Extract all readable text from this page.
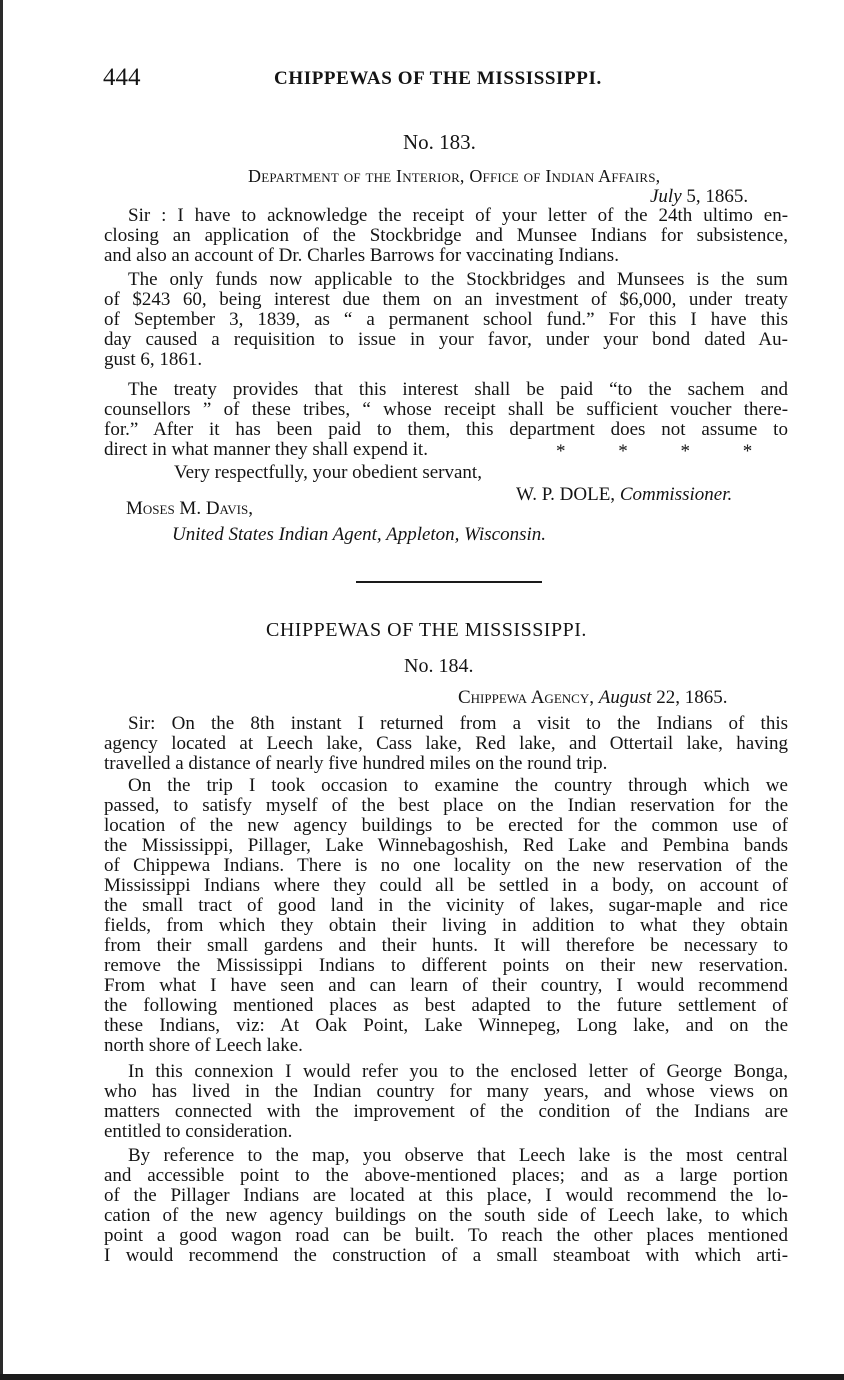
444	CHIPPEWAS OF THE MISSISSIPPI.
No. 183.
Department of the Interior, Office of Indian Affairs,
July 5, 1865.
Sir : I have to acknowledge the receipt of your letter of the 24th ultimo en-
closing an application of the Stockbridge and Munsee Indians for subsistence,
and also an account of Dr. Charles Barrows for vaccinating Indians.
The only funds now applicable to the Stockbridges and Munsees is the sum
of $243 60, being interest due them on an investment of $6,000, under treaty
of September 3, 1839, as “ a permanent school fund.” For this I have this
day caused a requisition to issue in your favor, under your bond dated Au-
gust 6, 1861.
The treaty provides that this interest shall be paid “to the sachem and
counsellors ” of these tribes, “ whose receipt shall be sufficient voucher there-
for.” After it has been paid to them, this department does not assume to
direct in what manner they shall expend it.	* * * *
Very respectfully, your obedient servant,
W. P. DOLE, Commissioner.
Moses M. Davis,
United States Indian Agent, Appleton, Wisconsin.
CHIPPEWAS OF THE MISSISSIPPI.
No. 184.
Chippewa Agency, August 22, 1865.
Sir: On the 8th instant I returned from a visit to the Indians of this
agency located at Leech lake, Cass lake, Red lake, and Ottertail lake, having
travelled a distance of nearly five hundred miles on the round trip.
On the trip I took occasion to examine the country through which we
passed, to satisfy myself of the best place on the Indian reservation for the
location of the new agency buildings to be erected for the common use of
the Mississippi, Pillager, Lake Winnebagoshish, Red Lake and Pembina bands
of Chippewa Indians. There is no one locality on the new reservation of the
Mississippi Indians where they could all be settled in a body, on account of
the small tract of good land in the vicinity of lakes, sugar-maple and rice
fields, from which they obtain their living in addition to what they obtain
from their small gardens and their hunts. It will therefore be necessary to
remove the Mississippi Indians to different points on their new reservation.
From what I have seen and can learn of their country, I would recommend
the following mentioned places as best adapted to the future settlement of
these Indians, viz: At Oak Point, Lake Winnepeg, Long lake, and on the
north shore of Leech lake.
In this connexion I would refer you to the enclosed letter of George Bonga,
who has lived in the Indian country for many years, and whose views on
matters connected with the improvement of the condition of the Indians are
entitled to consideration.
By reference to the map, you observe that Leech lake is the most central
and accessible point to the above-mentioned places; and as a large portion
of the Pillager Indians are located at this place, I would recommend the lo-
cation of the new agency buildings on the south side of Leech lake, to which
point a good wagon road can be built. To reach the other places mentioned
I would recommend the construction of a small steamboat with which arti-
